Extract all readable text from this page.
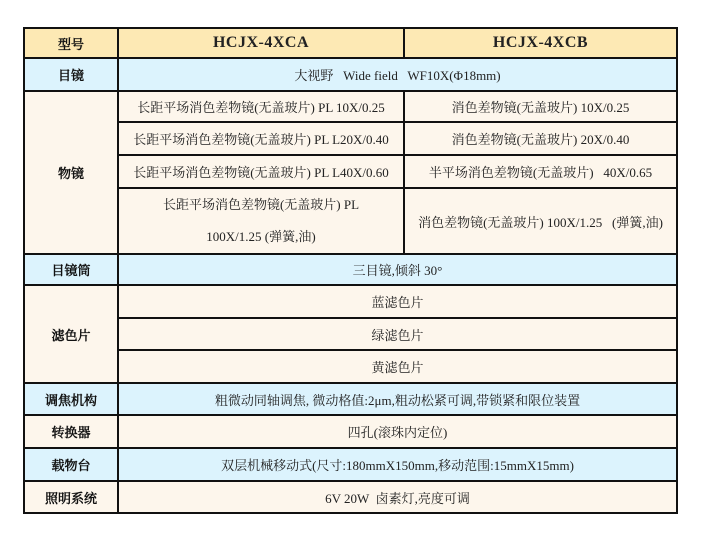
型号	HCJX-4XCA	HCJX-4XCB
目镜	大视野   Wide field   WF10X(Φ18mm)	
物镜	长距平场消色差物镜(无盖玻片) PL 10X/0.25	消色差物镜(无盖玻片) 10X/0.25
	长距平场消色差物镜(无盖玻片) PL L20X/0.40	消色差物镜(无盖玻片) 20X/0.40
	长距平场消色差物镜(无盖玻片) PL L40X/0.60	半平场消色差物镜(无盖玻片)   40X/0.65
	长距平场消色差物镜(无盖玻片) PL 100X/1.25 (弹簧,油)	消色差物镜(无盖玻片) 100X/1.25   (弹簧,油)
目镜筒	三目镜,倾斜 30°	
滤色片	蓝滤色片	
	绿滤色片	
	黄滤色片	
调焦机构	粗微动同轴调焦, 微动格值:2μm,粗动松紧可调,带锁紧和限位装置	
转换器	四孔(滚珠内定位)	
载物台	双层机械移动式(尺寸:180mmX150mm,移动范围:15mmX15mm)	
照明系统	6V 20W  卤素灯,亮度可调	
